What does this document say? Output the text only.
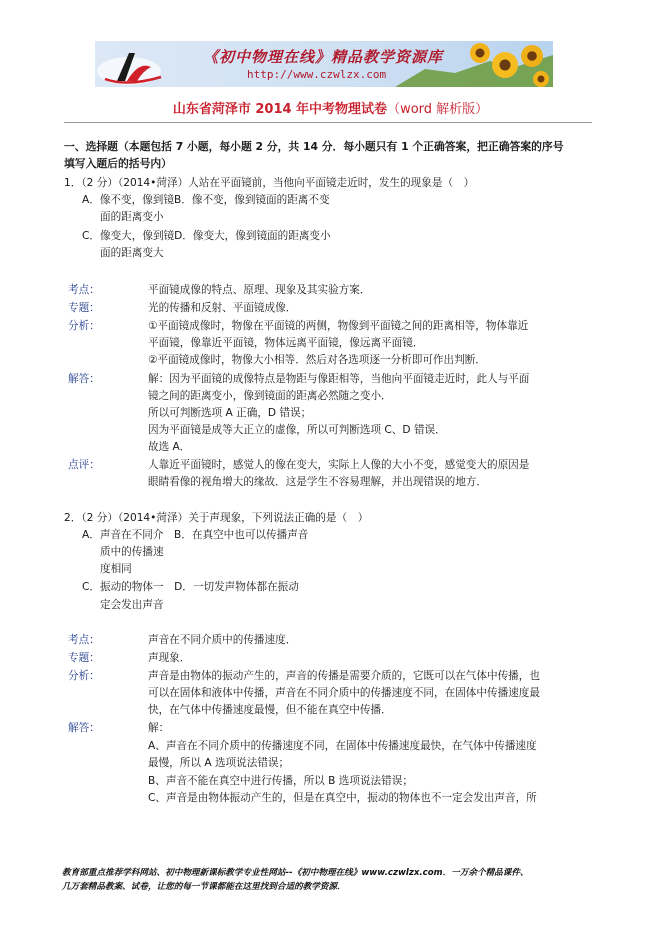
《初中物理在线》精品教学资源库
http://www.czwlzx.com
山东省菏泽市 2014 年中考物理试卷（word 解析版）
一、选择题（本题包括 7 小题，每小题 2 分，共 14 分．每小题只有 1 个正确答案，把正确答案的序号
填写入题后的括号内）
1．（2 分）（2014•菏泽）人站在平面镜前，当他向平面镜走近时，发生的现象是（　）
A．像不变，像到镜B．像不变，像到镜面的距离不变
面的距离变小
C．像变大，像到镜D．像变大，像到镜面的距离变小
面的距离变大
考点：	平面镜成像的特点、原理、现象及其实验方案．
专题：	光的传播和反射、平面镜成像．
分析：	①平面镜成像时，物像在平面镜的两侧，物像到平面镜之间的距离相等，物体靠近
平面镜，像靠近平面镜，物体远离平面镜，像远离平面镜．
②平面镜成像时，物像大小相等．然后对各选项逐一分析即可作出判断．
解答：	解：因为平面镜的成像特点是物距与像距相等，当他向平面镜走近时，此人与平面
镜之间的距离变小，像到镜面的距离必然随之变小．
所以可判断选项 A 正确，D 错误；
因为平面镜是成等大正立的虚像，所以可判断选项 C、D 错误．
故选 A．
点评：	人靠近平面镜时，感觉人的像在变大，实际上人像的大小不变，感觉变大的原因是
眼睛看像的视角增大的缘故．这是学生不容易理解，并出现错误的地方．
2．（2 分）（2014•菏泽）关于声现象，下列说法正确的是（　）
A．声音在不同介　B．在真空中也可以传播声音
质中的传播速
度相同
C．振动的物体一　D．一切发声物体都在振动
定会发出声音
考点：	声音在不同介质中的传播速度．
专题：	声现象．
分析：	声音是由物体的振动产生的，声音的传播是需要介质的，它既可以在气体中传播，也
可以在固体和液体中传播，声音在不同介质中的传播速度不同，在固体中传播速度最
快，在气体中传播速度最慢，但不能在真空中传播．
解答：	解：
A、声音在不同介质中的传播速度不同，在固体中传播速度最快，在气体中传播速度
最慢，所以 A 选项说法错误；
B、声音不能在真空中进行传播，所以 B 选项说法错误；
C、声音是由物体振动产生的，但是在真空中，振动的物体也不一定会发出声音，所
教育部重点推荐学科网站、初中物理新课标教学专业性网站--《初中物理在线》www.czwlzx.com．一万余个精品课件、
几万套精品教案、试卷，让您的每一节课都能在这里找到合适的教学资源．
